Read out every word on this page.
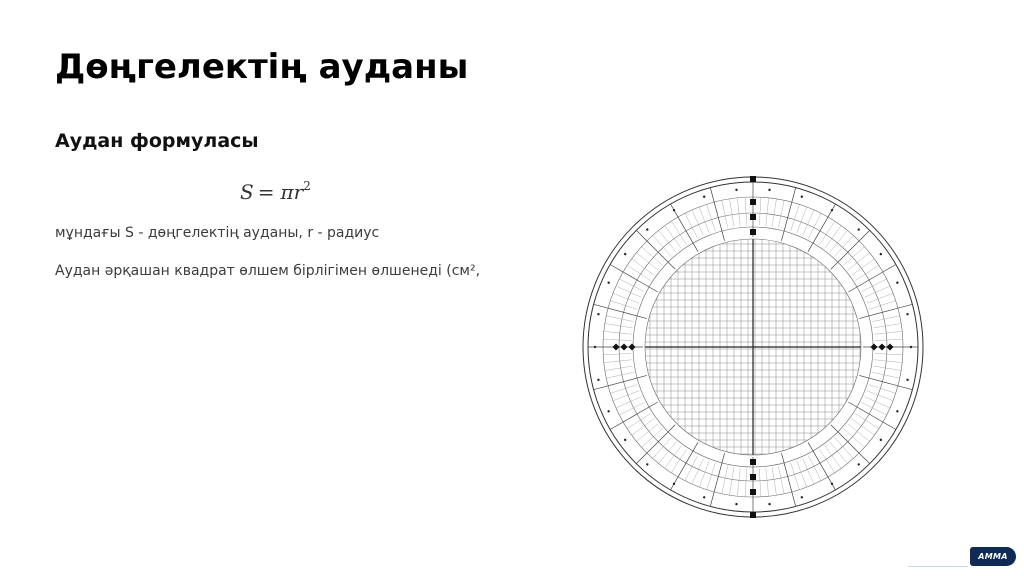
Дөңгелектің ауданы
Аудан формуласы
$S = \pi r^2$
мұндағы S - дөңгелектің ауданы, r - радиус
Аудан әрқашан квадрат өлшем бірлігімен өлшенеді (см²,
AMMA
